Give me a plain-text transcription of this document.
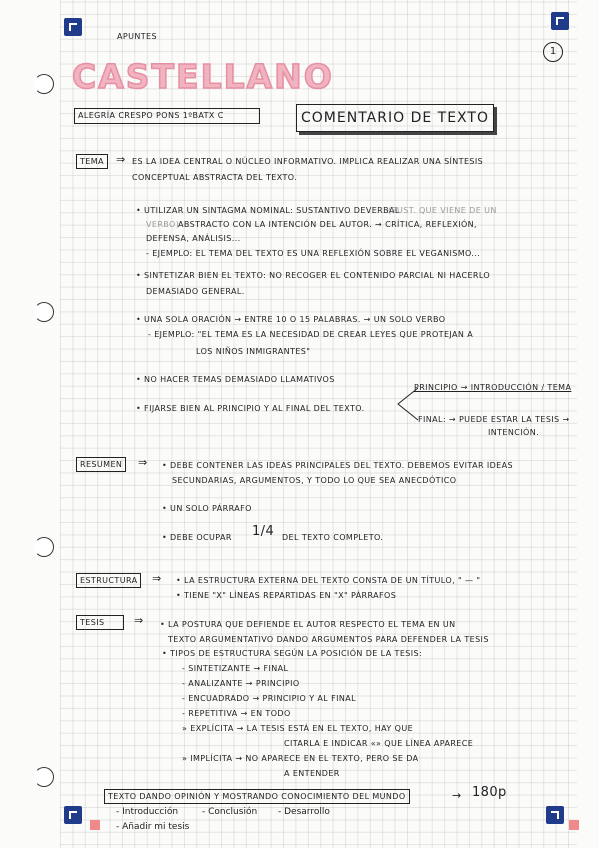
APUNTES
CASTELLANO
1
ALEGRÍA CRESPO PONS 1ºBATX C	COMENTARIO DE TEXTO
TEMA	⇒ ES LA IDEA CENTRAL O NÚCLEO INFORMATIVO. IMPLICA REALIZAR UNA SÍNTESIS
CONCEPTUAL ABSTRACTA DEL TEXTO.
• UTILIZAR UN SINTAGMA NOMINAL: SUSTANTIVO DEVERBAL
(SUST. QUE VIENE DE UN
VERBO)
ABSTRACTO CON LA INTENCIÓN DEL AUTOR. → CRÍTICA, REFLEXIÓN,
DEFENSA, ANÁLISIS...
- EJEMPLO: EL TEMA DEL TEXTO ES UNA REFLEXIÓN SOBRE EL VEGANISMO...
• SINTETIZAR BIEN EL TEXTO: NO RECOGER EL CONTENIDO PARCIAL NI HACERLO
DEMASIADO GENERAL.
• UNA SOLA ORACIÓN → ENTRE 10 O 15 PALABRAS. → UN SOLO VERBO
- EJEMPLO: "EL TEMA ES LA NECESIDAD DE CREAR LEYES QUE PROTEJAN A
LOS NIÑOS INMIGRANTES"
• NO HACER TEMAS DEMASIADO LLAMATIVOS
• FIJARSE BIEN AL PRINCIPIO Y AL FINAL DEL TEXTO.
PRINCIPIO → INTRODUCCIÓN / TEMA
FINAL: → PUEDE ESTAR LA TESIS →
INTENCIÓN.
RESUMEN	⇒ • DEBE CONTENER LAS IDEAS PRINCIPALES DEL TEXTO. DEBEMOS EVITAR IDEAS
SECUNDARIAS, ARGUMENTOS, Y TODO LO QUE SEA ANECDÓTICO
• UN SOLO PÁRRAFO
• DEBE OCUPAR 1/4 DEL TEXTO COMPLETO.
ESTRUCTURA	⇒ • LA ESTRUCTURA EXTERNA DEL TEXTO CONSTA DE UN TÍTULO, " — "
• TIENE "X" LÍNEAS REPARTIDAS EN "X" PÁRRAFOS
TESIS	⇒ • LA POSTURA QUE DEFIENDE EL AUTOR RESPECTO EL TEMA EN UN
TEXTO ARGUMENTATIVO DANDO ARGUMENTOS PARA DEFENDER LA TESIS
• TIPOS DE ESTRUCTURA SEGÚN LA POSICIÓN DE LA TESIS:
- SINTETIZANTE → FINAL
- ANALIZANTE → PRINCIPIO
- ENCUADRADO → PRINCIPIO Y AL FINAL
- REPETITIVA → EN TODO
» EXPLÍCITA → LA TESIS ESTÁ EN EL TEXTO, HAY QUE
CITARLA E INDICAR «» QUE LÍNEA APARECE
» IMPLÍCITA → NO APARECE EN EL TEXTO, PERO SE DA
A ENTENDER
TEXTO DANDO OPINIÓN Y MOSTRANDO CONOCIMIENTO DEL MUNDO	→ 180p
- Introducción	- Conclusión - Desarrollo
- Añadir mi tesis
